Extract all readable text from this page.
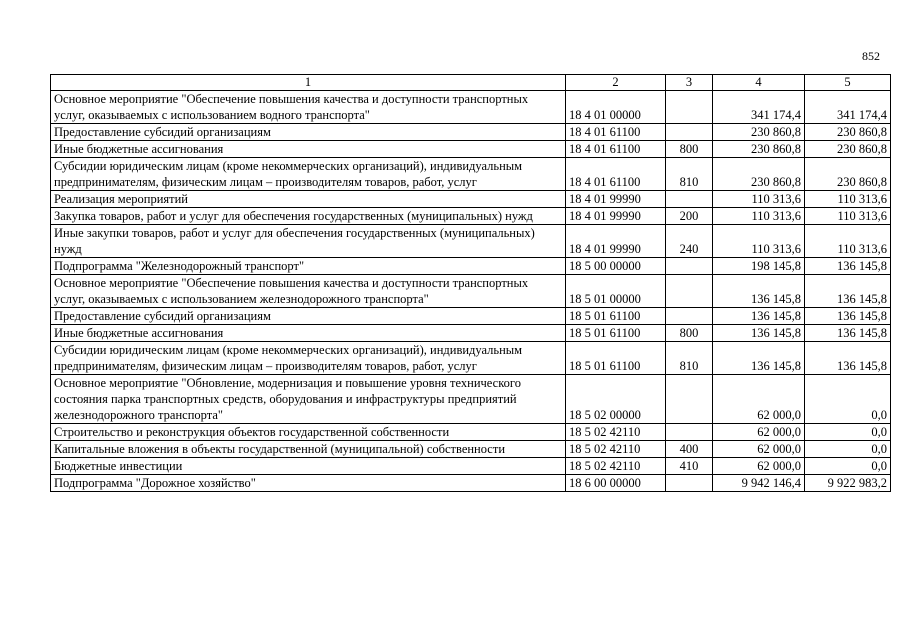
852
1	2	3	4	5
Основное мероприятие "Обеспечение повышения качества и доступности транспортных услуг, оказываемых с использованием водного транспорта"	18 4 01 00000		341 174,4	341 174,4
Предоставление субсидий организациям	18 4 01 61100		230 860,8	230 860,8
Иные бюджетные ассигнования	18 4 01 61100	800	230 860,8	230 860,8
Субсидии юридическим лицам (кроме некоммерческих организаций), индивидуальным предпринимателям, физическим лицам – производителям товаров, работ, услуг	18 4 01 61100	810	230 860,8	230 860,8
Реализация мероприятий	18 4 01 99990		110 313,6	110 313,6
Закупка товаров, работ и услуг для обеспечения государственных (муниципальных) нужд	18 4 01 99990	200	110 313,6	110 313,6
Иные закупки товаров, работ и услуг для обеспечения государственных (муниципальных) нужд	18 4 01 99990	240	110 313,6	110 313,6
Подпрограмма "Железнодорожный транспорт"	18 5 00 00000		198 145,8	136 145,8
Основное мероприятие "Обеспечение повышения качества и доступности транспортных услуг, оказываемых с использованием железнодорожного транспорта"	18 5 01 00000		136 145,8	136 145,8
Предоставление субсидий организациям	18 5 01 61100		136 145,8	136 145,8
Иные бюджетные ассигнования	18 5 01 61100	800	136 145,8	136 145,8
Субсидии юридическим лицам (кроме некоммерческих организаций), индивидуальным предпринимателям, физическим лицам – производителям товаров, работ, услуг	18 5 01 61100	810	136 145,8	136 145,8
Основное мероприятие "Обновление, модернизация и повышение уровня технического состояния парка транспортных средств, оборудования и инфраструктуры предприятий железнодорожного транспорта"	18 5 02 00000		62 000,0	0,0
Строительство и реконструкция объектов государственной собственности	18 5 02 42110		62 000,0	0,0
Капитальные вложения в объекты государственной (муниципальной) собственности	18 5 02 42110	400	62 000,0	0,0
Бюджетные инвестиции	18 5 02 42110	410	62 000,0	0,0
Подпрограмма "Дорожное хозяйство"	18 6 00 00000		9 942 146,4	9 922 983,2
